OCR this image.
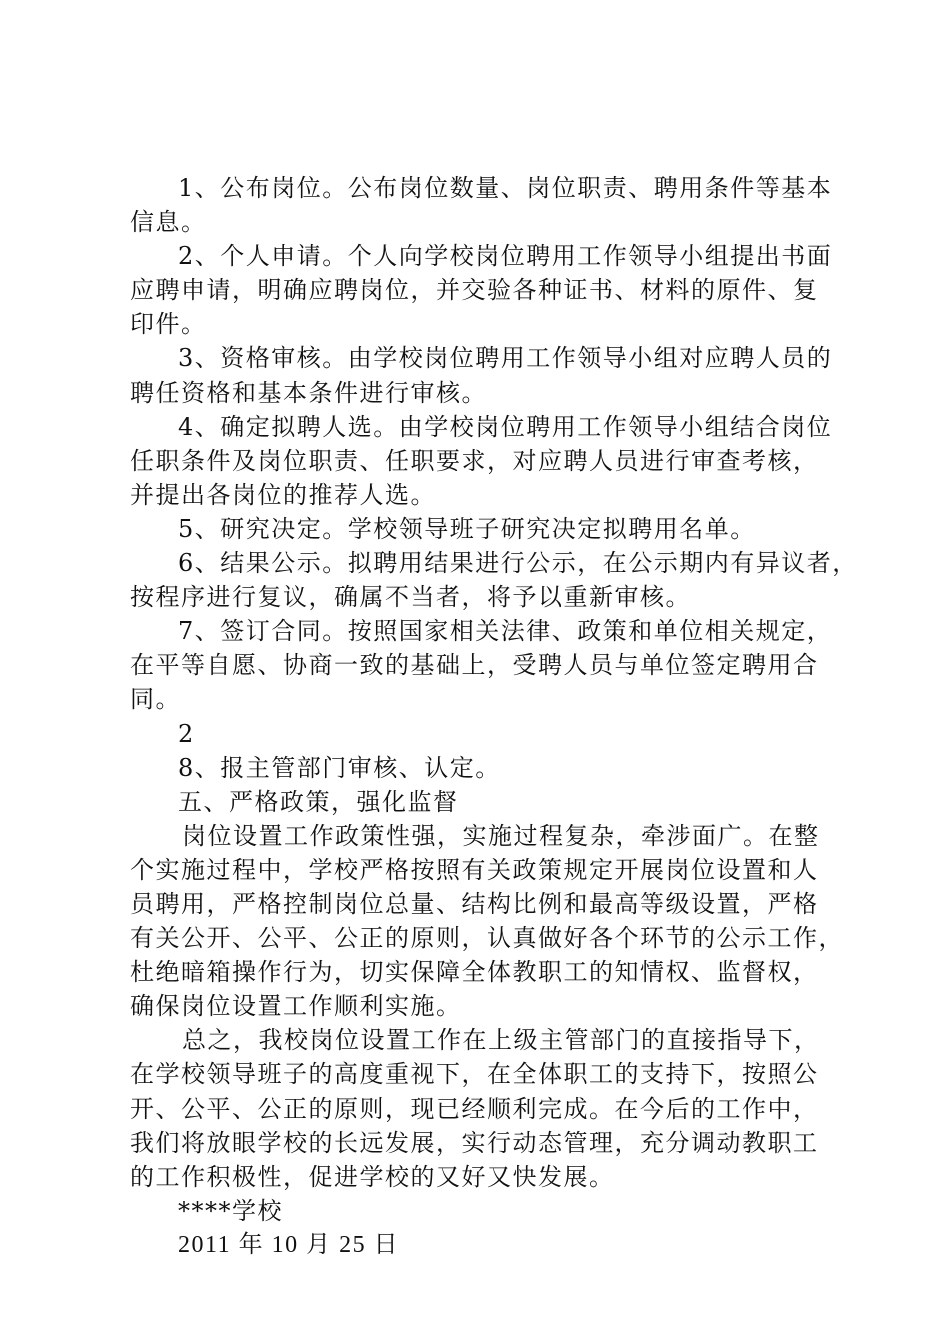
1、公布岗位。公布岗位数量、岗位职责、聘用条件等基本
信息。

2、个人申请。个人向学校岗位聘用工作领导小组提出书面
应聘申请，明确应聘岗位，并交验各种证书、材料的原件、复
印件。

3、资格审核。由学校岗位聘用工作领导小组对应聘人员的
聘任资格和基本条件进行审核。

4、确定拟聘人选。由学校岗位聘用工作领导小组结合岗位
任职条件及岗位职责、任职要求，对应聘人员进行审查考核，
并提出各岗位的推荐人选。

5、研究决定。学校领导班子研究决定拟聘用名单。

6、结果公示。拟聘用结果进行公示，在公示期内有异议者，
按程序进行复议，确属不当者，将予以重新审核。

7、签订合同。按照国家相关法律、政策和单位相关规定，
在平等自愿、协商一致的基础上，受聘人员与单位签定聘用合
同。

2

8、报主管部门审核、认定。

五、严格政策，强化监督

岗位设置工作政策性强，实施过程复杂，牵涉面广。在整
个实施过程中，学校严格按照有关政策规定开展岗位设置和人
员聘用，严格控制岗位总量、结构比例和最高等级设置，严格
有关公开、公平、公正的原则，认真做好各个环节的公示工作，
杜绝暗箱操作行为，切实保障全体教职工的知情权、监督权，
确保岗位设置工作顺利实施。

总之，我校岗位设置工作在上级主管部门的直接指导下，
在学校领导班子的高度重视下，在全体职工的支持下，按照公
开、公平、公正的原则，现已经顺利完成。在今后的工作中，
我们将放眼学校的长远发展，实行动态管理，充分调动教职工
的工作积极性，促进学校的又好又快发展。

****学校

2011 年 10 月 25 日
